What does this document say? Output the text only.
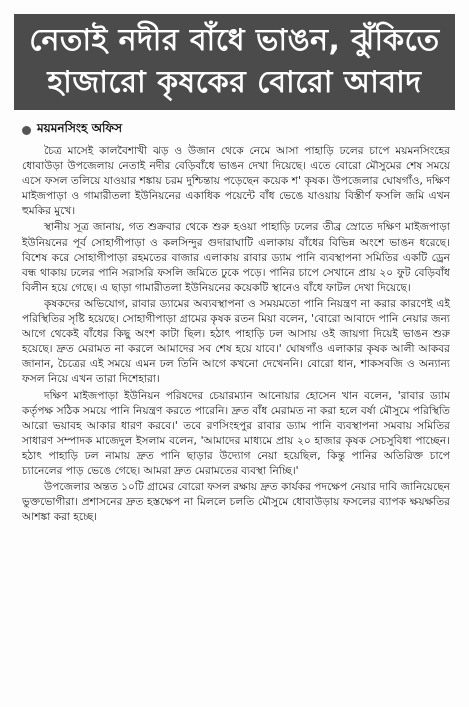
নেতাই নদীর বাঁধে ভাঙন, ঝুঁকিতে
হাজারো কৃষকের বোরো আবাদ
ময়মনসিংহ অফিস

চৈত্র মাসেই কালবৈশাখী ঝড় ও উজান থেকে নেমে আসা পাহাড়ি ঢলের চাপে ময়মনসিংহের ধোবাউড়া উপজেলায় নেতাই নদীর বেড়িবাঁধে ভাঙন দেখা দিয়েছে। এতে বোরো মৌসুমের শেষ সময়ে এসে ফসল তলিয়ে যাওয়ার শঙ্কায় চরম দুশ্চিন্তায় পড়েছেন কয়েক শ' কৃষক। উপজেলার ঘোষগাঁও, দক্ষিণ মাইজপাড়া ও গামারীতলা ইউনিয়নের একাধিক পয়েন্টে বাঁধ ভেঙে যাওয়ায় বিস্তীর্ণ ফসলি জমি এখন হুমকির মুখে।

স্থানীয় সূত্র জানায়, গত শুক্রবার থেকে শুরু হওয়া পাহাড়ি ঢলের তীব্র স্রোতে দক্ষিণ মাইজপাড়া ইউনিয়নের পূর্ব সোহাগীপাড়া ও কলসিন্দুর গুদারাঘাটি এলাকায় বাঁধের বিভিন্ন অংশে ভাঙন ধরেছে। বিশেষ করে সোহাগীপাড়া রহমতের বাজার এলাকায় রাবার ড্যাম পানি ব্যবস্থাপনা সমিতির একটি ড্রেন বন্ধ থাকায় ঢলের পানি সরাসরি ফসলি জমিতে ঢুকে পড়ে। পানির চাপে সেখানে প্রায় ২০ ফুট বেড়িবাঁধ বিলীন হয়ে গেছে। এ ছাড়া গামারীতলা ইউনিয়নের কয়েকটি স্থানেও বাঁধে ফাটল দেখা দিয়েছে।

কৃষকদের অভিযোগ, রাবার ড্যামের অব্যবস্থাপনা ও সময়মতো পানি নিয়ন্ত্রণ না করার কারণেই এই পরিস্থিতির সৃষ্টি হয়েছে। সোহাগীপাড়া গ্রামের কৃষক রতন মিয়া বলেন, 'বোরো আবাদে পানি নেয়ার জন্য আগে থেকেই বাঁধের কিছু অংশ কাটা ছিল। হঠাৎ পাহাড়ি ঢল আসায় ওই জায়গা দিয়েই ভাঙন শুরু হয়েছে। দ্রুত মেরামত না করলে আমাদের সব শেষ হয়ে যাবে।' ঘোষগাঁও এলাকার কৃষক আলী আকবর জানান, চৈত্রের এই সময়ে এমন ঢল তিনি আগে কখনো দেখেননি। বোরো ধান, শাকসবজি ও অন্যান্য ফসল নিয়ে এখন তারা দিশেহারা।

দক্ষিণ মাইজপাড়া ইউনিয়ন পরিষদের চেয়ারম্যান আনোয়ার হোসেন খান বলেন, 'রাবার ড্যাম কর্তৃপক্ষ সঠিক সময়ে পানি নিয়ন্ত্রণ করতে পারেনি। দ্রুত বাঁধ মেরামত না করা হলে বর্ষা মৌসুমে পরিস্থিতি আরো ভয়াবহ আকার ধারণ করবে।' তবে রণসিংহপুর রাবার ড্যাম পানি ব্যবস্থাপনা সমবায় সমিতির সাধারণ সম্পাদক মাজেদুল ইসলাম বলেন, 'আমাদের মাধ্যমে প্রায় ২০ হাজার কৃষক সেচসুবিধা পাচ্ছেন। হঠাৎ পাহাড়ি ঢল নামায় দ্রুত পানি ছাড়ার উদ্যোগ নেয়া হয়েছিল, কিন্তু পানির অতিরিক্ত চাপে চ্যানেলের পাড় ভেঙে গেছে। আমরা দ্রুত মেরামতের ব্যবস্থা নিচ্ছি।'

উপজেলার অন্তত ১০টি গ্রামের বোরো ফসল রক্ষায় দ্রুত কার্যকর পদক্ষেপ নেয়ার দাবি জানিয়েছেন ভুক্তভোগীরা। প্রশাসনের দ্রুত হস্তক্ষেপ না মিললে চলতি মৌসুমে ধোবাউড়ায় ফসলের ব্যাপক ক্ষয়ক্ষতির আশঙ্কা করা হচ্ছে।
